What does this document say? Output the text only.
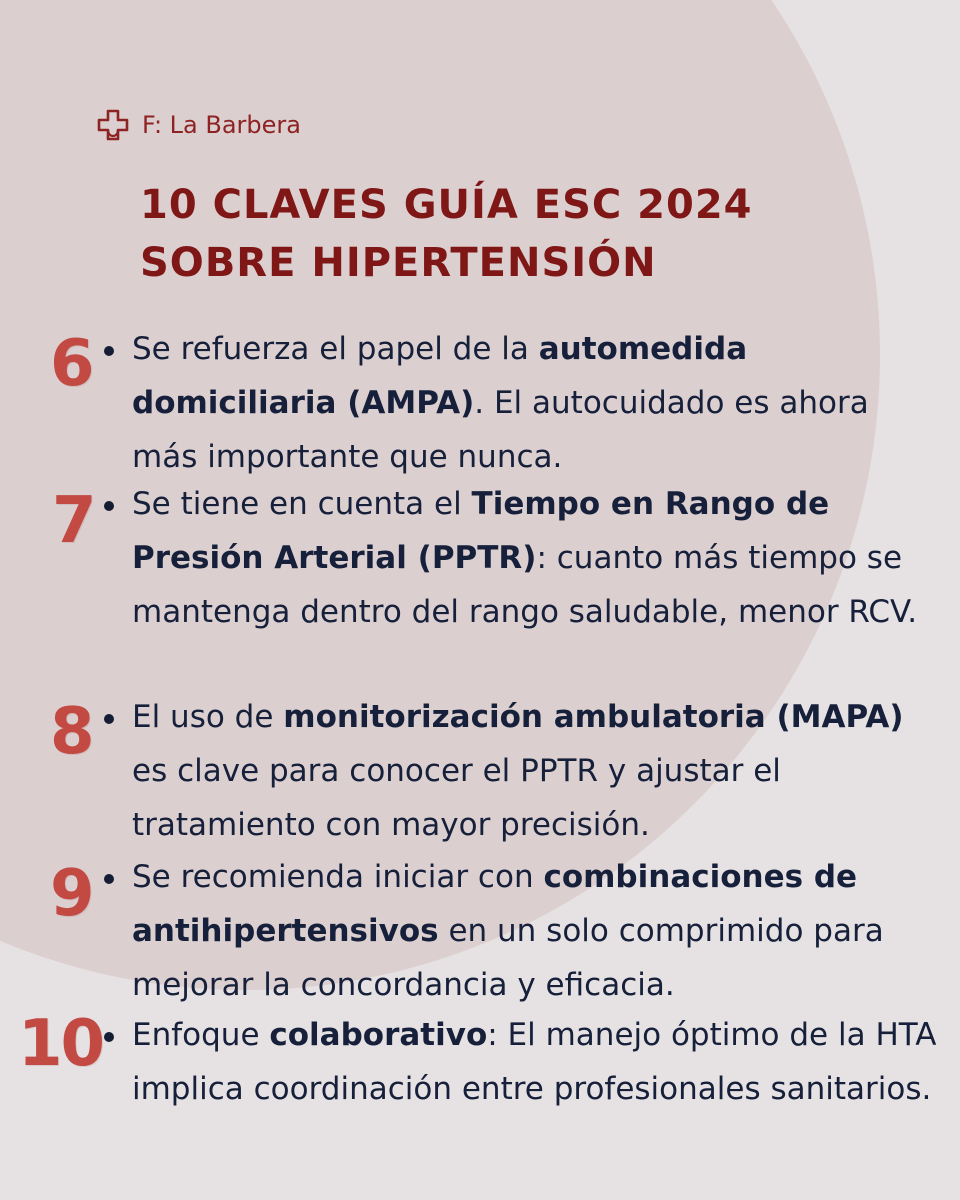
F: La Barbera
10 CLAVES GUÍA ESC 2024
SOBRE HIPERTENSIÓN
6 Se refuerza el papel de la automedida domiciliaria (AMPA). El autocuidado es ahora más importante que nunca.
7 Se tiene en cuenta el Tiempo en Rango de Presión Arterial (PPTR): cuanto más tiempo se mantenga dentro del rango saludable, menor RCV.
8 El uso de monitorización ambulatoria (MAPA) es clave para conocer el PPTR y ajustar el tratamiento con mayor precisión.
9 Se recomienda iniciar con combinaciones de antihipertensivos en un solo comprimido para mejorar la concordancia y eficacia.
10 Enfoque colaborativo: El manejo óptimo de la HTA implica coordinación entre profesionales sanitarios.
